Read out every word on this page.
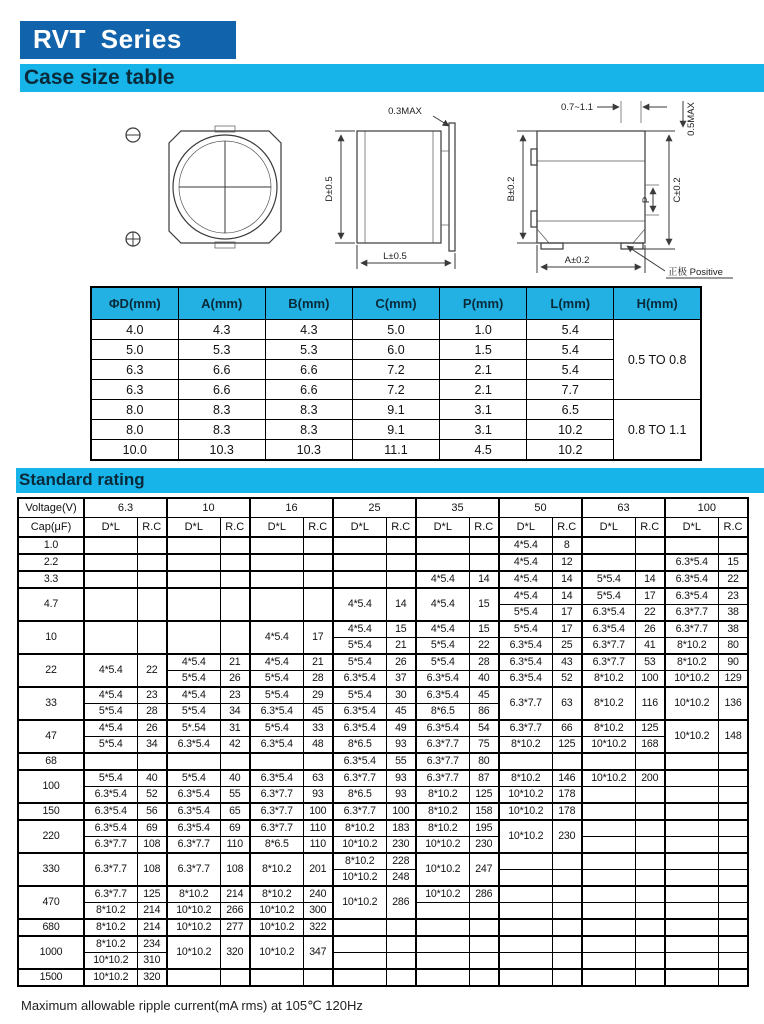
RVT Series
Case size table
0.3MAX
D±0.5
L±0.5
0.7~1.1	0.5MAX
B±0.2	C±0.2
P
A±0.2
正极 Positive
ΦD(mm)	A(mm)	B(mm)	C(mm)	P(mm)	L(mm)	H(mm)
4.0	4.3	4.3	5.0	1.0	5.4	0.5 TO 0.8
5.0	5.3	5.3	6.0	1.5	5.4	
6.3	6.6	6.6	7.2	2.1	5.4	
6.3	6.6	6.6	7.2	2.1	7.7	
8.0	8.3	8.3	9.1	3.1	6.5	0.8 TO 1.1
8.0	8.3	8.3	9.1	3.1	10.2	
10.0	10.3	10.3	11.1	4.5	10.2	
Standard rating
Voltage(V)	6.3		10		16		25		35		50		63		100		
Cap(μF)	D*L	R.C	D*L	R.C	D*L	R.C	D*L	R.C	D*L	R.C	D*L	R.C	D*L	R.C	D*L	R.C	
1.0											4*5.4	8					
2.2											4*5.4	12			6.3*5.4	15	
3.3									4*5.4	14	4*5.4	14	5*5.4	14	6.3*5.4	22	
4.7							4*5.4	14	4*5.4	15	4*5.4	14	5*5.4	17	6.3*5.4	23	
											5*5.4	17	6.3*5.4	22	6.3*7.7	38	
10					4*5.4	17	4*5.4	15	4*5.4	15	5*5.4	17	6.3*5.4	26	6.3*7.7	38	
							5*5.4	21	5*5.4	22	6.3*5.4	25	6.3*7.7	41	8*10.2	80	
22	4*5.4	22	4*5.4	21	4*5.4	21	5*5.4	26	5*5.4	28	6.3*5.4	43	6.3*7.7	53	8*10.2	90	
			5*5.4	26	5*5.4	28	6.3*5.4	37	6.3*5.4	40	6.3*5.4	52	8*10.2	100	10*10.2	129	
33	4*5.4	23	4*5.4	23	5*5.4	29	5*5.4	30	6.3*5.4	45	6.3*7.7	63	8*10.2	116	10*10.2	136	
	5*5.4	28	5*5.4	34	6.3*5.4	45	6.3*5.4	45	8*6.5	86							
47	4*5.4	26	5*.54	31	5*5.4	33	6.3*5.4	49	6.3*5.4	54	6.3*7.7	66	8*10.2	125	10*10.2	148	
	5*5.4	34	6.3*5.4	42	6.3*5.4	48	8*6.5	93	6.3*7.7	75	8*10.2	125	10*10.2	168			
68							6.3*5.4	55	6.3*7.7	80							
100	5*5.4	40	5*5.4	40	6.3*5.4	63	6.3*7.7	93	6.3*7.7	87	8*10.2	146	10*10.2	200			
	6.3*5.4	52	6.3*5.4	55	6.3*7.7	93	8*6.5	93	8*10.2	125	10*10.2	178					
150	6.3*5.4	56	6.3*5.4	65	6.3*7.7	100	6.3*7.7	100	8*10.2	158	10*10.2	178					
220	6.3*5.4	69	6.3*5.4	69	6.3*7.7	110	8*10.2	183	8*10.2	195	10*10.2	230					
	6.3*7.7	108	6.3*7.7	110	8*6.5	110	10*10.2	230	10*10.2	230							
330	6.3*7.7	108	6.3*7.7	108	8*10.2	201	8*10.2	228	10*10.2	247							
							10*10.2	248									
470	6.3*7.7	125	8*10.2	214	8*10.2	240	10*10.2	286	10*10.2	286							
	8*10.2	214	10*10.2	266	10*10.2	300											
680	8*10.2	214	10*10.2	277	10*10.2	322											
1000	8*10.2	234	10*10.2	320	10*10.2	347											
	10*10.2	310															
1500	10*10.2	320															
Maximum allowable ripple current(mA rms) at 105℃ 120Hz
